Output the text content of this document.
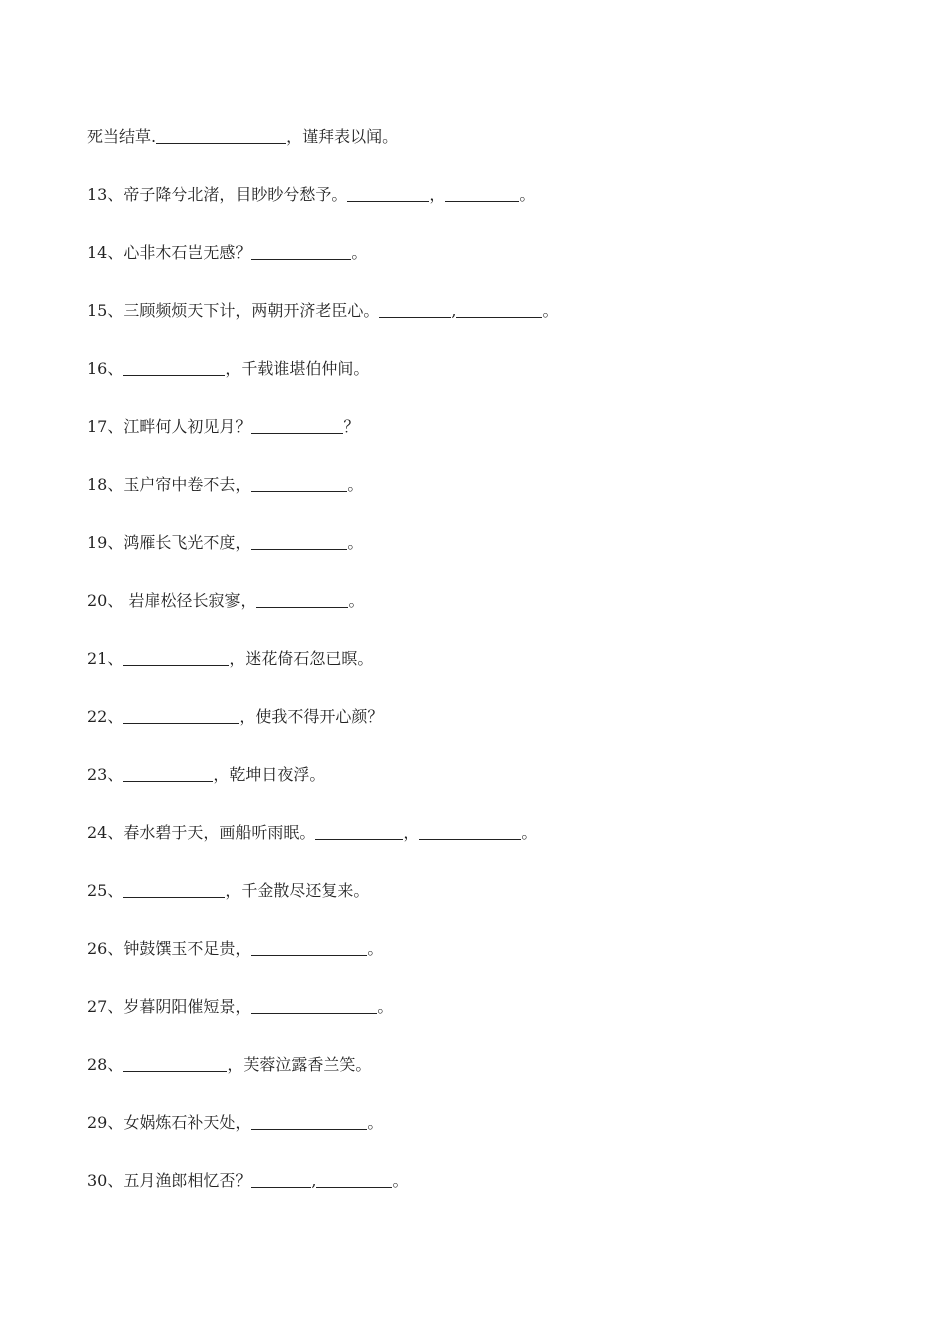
死当结草.	，谨拜表以闻。
13、帝子降兮北渚，目眇眇兮愁予。	，	。
14、心非木石岂无感？	。
15、三顾频烦天下计，两朝开济老臣心。	,	。
16、	，千载谁堪伯仲间。
17、江畔何人初见月？	？
18、玉户帘中卷不去，	。
19、鸿雁长飞光不度，	。
20、 岩扉松径长寂寥，	。
21、	，迷花倚石忽已暝。
22、	，使我不得开心颜？
23、	，乾坤日夜浮。
24、春水碧于天，画船听雨眠。	，	。
25、	，千金散尽还复来。
26、钟鼓馔玉不足贵，	。
27、岁暮阴阳催短景，	。
28、	，芙蓉泣露香兰笑。
29、女娲炼石补天处，	。
30、五月渔郎相忆否？	,	。
